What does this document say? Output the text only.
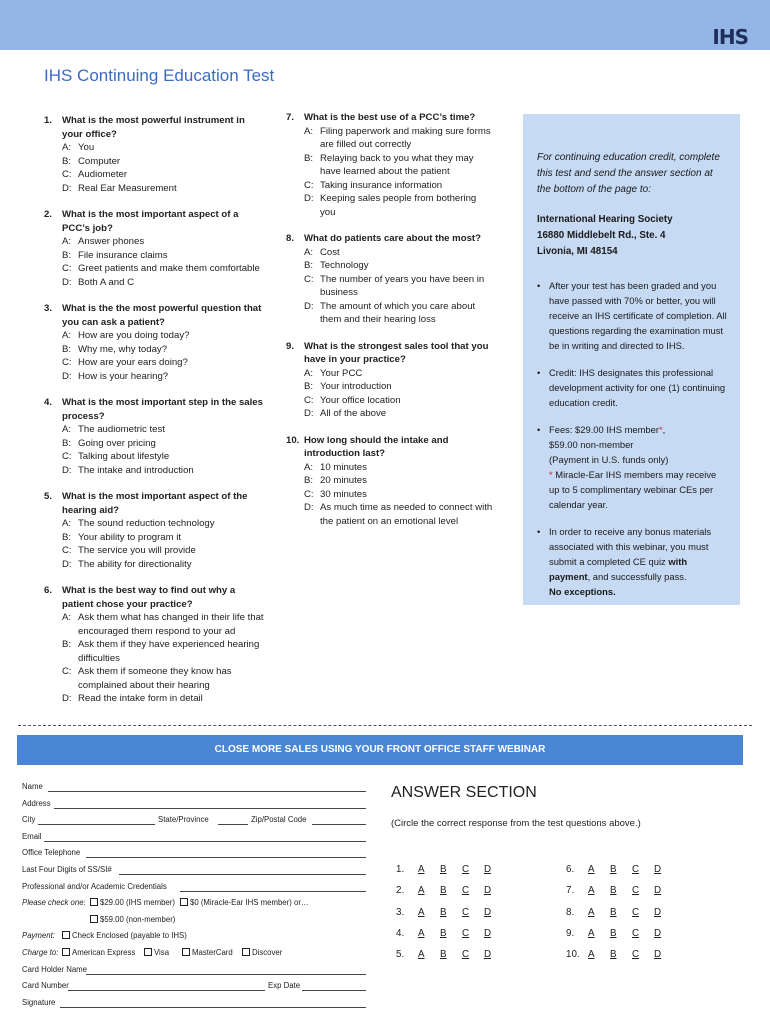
IHS
IHS Continuing Education Test
1.	What is the most powerful instrument in your office?
A: You
B: Computer
C: Audiometer
D: Real Ear Measurement
2.	What is the most important aspect of a PCC’s job?
A: Answer phones
B: File insurance claims
C: Greet patients and make them comfortable
D: Both A and C
3.	What is the the most powerful question that you can ask a patient?
A: How are you doing today?
B: Why me, why today?
C: How are your ears doing?
D: How is your hearing?
4.	What is the most important step in the sales process?
A: The audiometric test
B: Going over pricing
C: Talking about lifestyle
D: The intake and introduction
5.	What is the most important aspect of the hearing aid?
A: The sound reduction technology
B: Your ability to program it
C: The service you will provide
D: The ability for directionality
6.	What is the best way to find out why a patient chose your practice?
A: Ask them what has changed in their life that encouraged them respond to your ad
B: Ask them if they have experienced hearing difficulties
C: Ask them if someone they know has complained about their hearing
D: Read the intake form in detail
7.	What is the best use of a PCC’s time?
A: Filing paperwork and making sure forms are filled out correctly
B: Relaying back to you what they may have learned about the patient
C: Taking insurance information
D: Keeping sales people from bothering you
8.	What do patients care about the most?
A: Cost
B: Technology
C: The number of years you have been in business
D: The amount of which you care about them and their hearing loss
9.	What is the strongest sales tool that you have in your practice?
A: Your PCC
B: Your introduction
C: Your office location
D: All of the above
10. How long should the intake and introduction last?
A: 10 minutes
B: 20 minutes
C: 30 minutes
D: As much time as needed to connect with the patient on an emotional level
For continuing education credit, complete this test and send the answer section at the bottom of the page to:
International Hearing Society
16880 Middlebelt Rd., Ste. 4
Livonia, MI 48154
• After your test has been graded and you have passed with 70% or better, you will receive an IHS certificate of completion. All questions regarding the examination must be in writing and directed to IHS.
• Credit: IHS designates this professional development activity for one (1) continuing education credit.
• Fees: $29.00 IHS member*,
$59.00 non-member
(Payment in U.S. funds only)
* Miracle-Ear IHS members may receive up to 5 complimentary webinar CEs per calendar year.
• In order to receive any bonus materials associated with this webinar, you must submit a completed CE quiz with payment, and successfully pass.
No exceptions.
CLOSE MORE SALES USING YOUR FRONT OFFICE STAFF WEBINAR
Name
Address
City	State/Province	Zip/Postal Code
Email
Office Telephone
Last Four Digits of SS/SI#
Professional and/or Academic Credentials
Please check one: $29.00 (IHS member) $0 (Miracle-Ear IHS member) or…
$59.00 (non-member)
Payment: Check Enclosed (payable to IHS)
Charge to: American Express Visa	MasterCard Discover
Card Holder Name
Card Number	Exp Date
Signature
ANSWER SECTION
(Circle the correct response from the test questions above.)
1.	A	B	C	D	6.	A	B	C	D
2.	A	B	C	D	7.	A	B	C	D
3.	A	B	C	D	8.	A	B	C	D
4.	A	B	C	D	9.	A	B	C	D
5.	A	B	C	D	10. A	B	C	D
